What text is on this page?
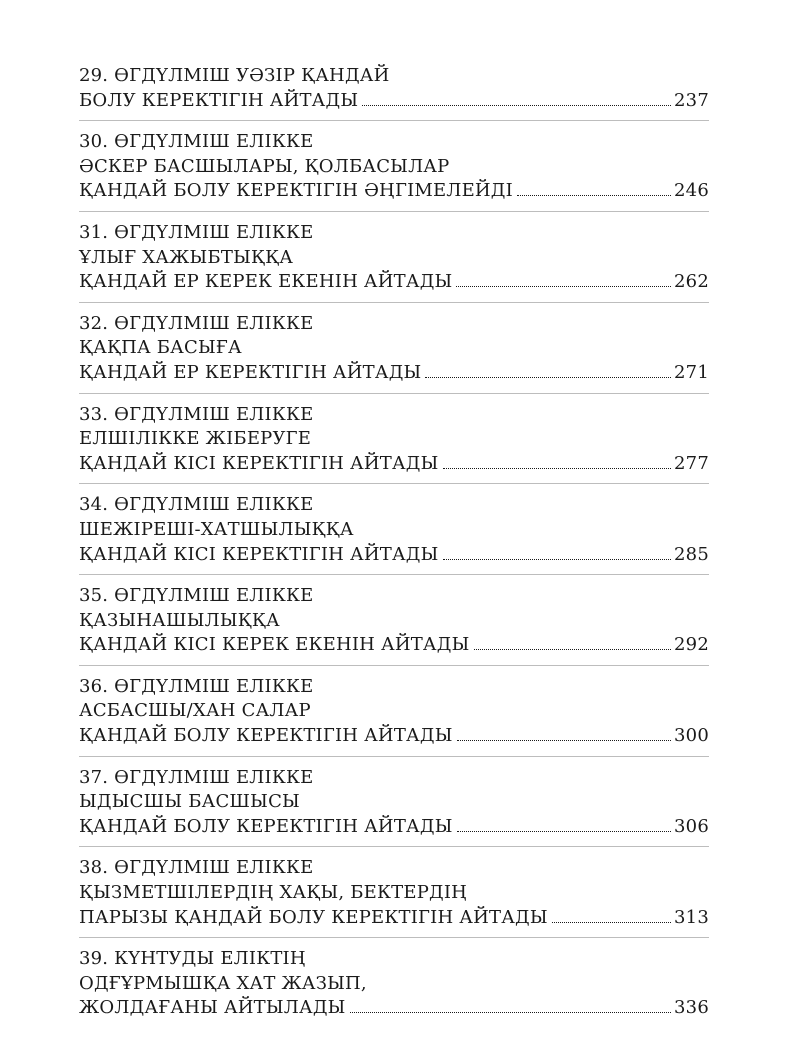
29. ӨГДҮЛМІШ УӘЗІР ҚАНДАЙ
БОЛУ КЕРЕКТІГІН АЙТАДЫ	237
30. ӨГДҮЛМІШ ЕЛІККЕ
ӘСКЕР БАСШЫЛАРЫ, ҚОЛБАСЫЛАР
ҚАНДАЙ БОЛУ КЕРЕКТІГІН ӘҢГІМЕЛЕЙДІ	246
31. ӨГДҮЛМІШ ЕЛІККЕ
ҰЛЫҒ ХАЖЫБТЫҚҚА
ҚАНДАЙ ЕР КЕРЕК ЕКЕНІН АЙТАДЫ	262
32. ӨГДҮЛМІШ ЕЛІККЕ
ҚАҚПА БАСЫҒА
ҚАНДАЙ ЕР КЕРЕКТІГІН АЙТАДЫ	271
33. ӨГДҮЛМІШ ЕЛІККЕ
ЕЛШІЛІККЕ ЖІБЕРУГЕ
ҚАНДАЙ КІСІ КЕРЕКТІГІН АЙТАДЫ	277
34. ӨГДҮЛМІШ ЕЛІККЕ
ШЕЖІРЕШІ-ХАТШЫЛЫҚҚА
ҚАНДАЙ КІСІ КЕРЕКТІГІН АЙТАДЫ	285
35. ӨГДҮЛМІШ ЕЛІККЕ
ҚАЗЫНАШЫЛЫҚҚА
ҚАНДАЙ КІСІ КЕРЕК ЕКЕНІН АЙТАДЫ	292
36. ӨГДҮЛМІШ ЕЛІККЕ
АСБАСШЫ/ХАН САЛАР
ҚАНДАЙ БОЛУ КЕРЕКТІГІН АЙТАДЫ	300
37. ӨГДҮЛМІШ ЕЛІККЕ
ЫДЫСШЫ БАСШЫСЫ
ҚАНДАЙ БОЛУ КЕРЕКТІГІН АЙТАДЫ	306
38. ӨГДҮЛМІШ ЕЛІККЕ
ҚЫЗМЕТШІЛЕРДІҢ ХАҚЫ, БЕКТЕРДІҢ
ПАРЫЗЫ ҚАНДАЙ БОЛУ КЕРЕКТІГІН АЙТАДЫ	313
39. КҮНТУДЫ ЕЛІКТІҢ
ОДҒҰРМЫШҚА ХАТ ЖАЗЫП,
ЖОЛДАҒАНЫ АЙТЫЛАДЫ	336
